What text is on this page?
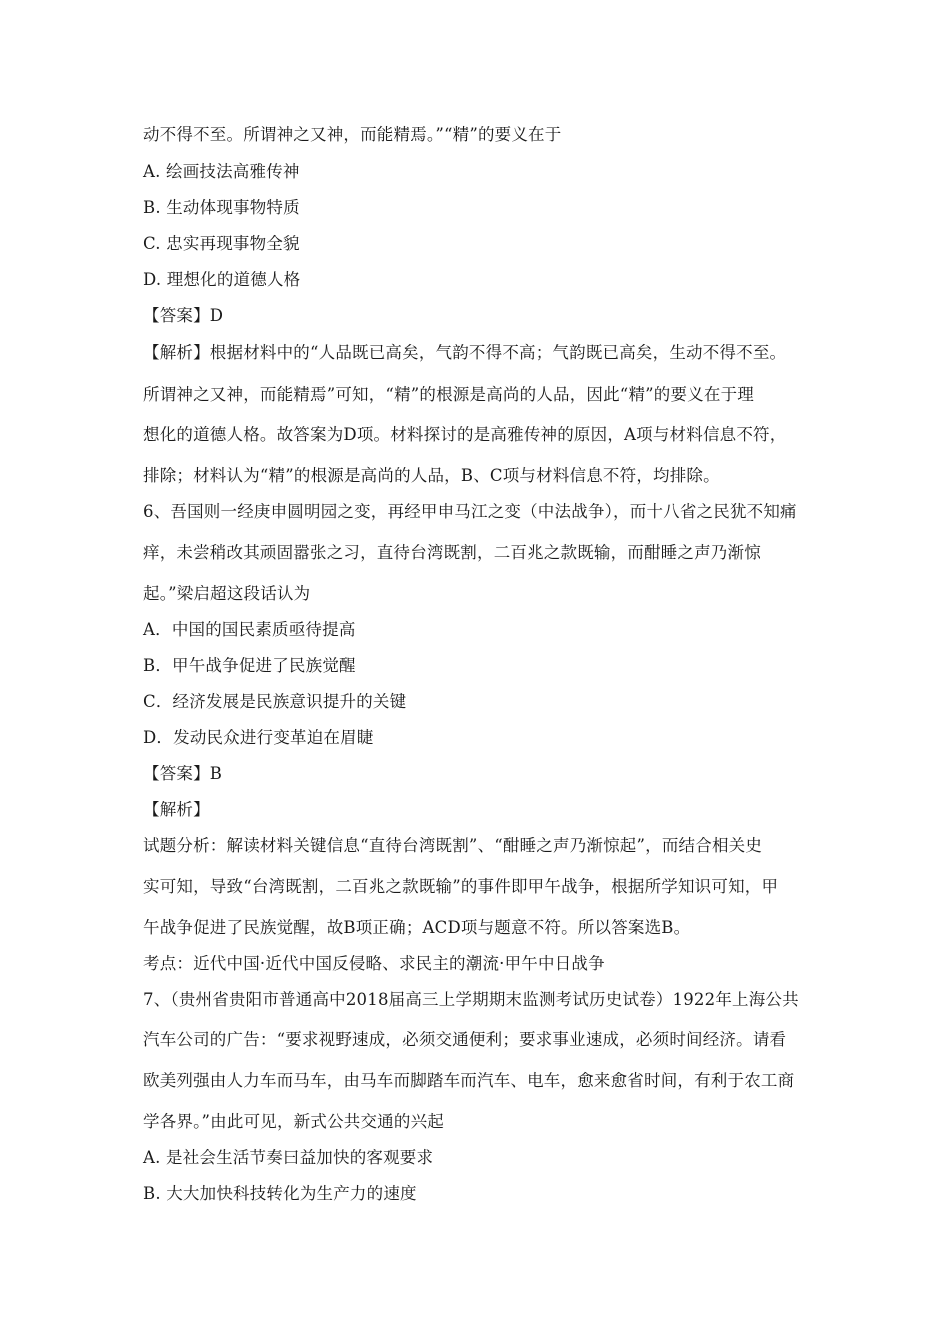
动不得不至。所谓神之又神，而能精焉。”“精”的要义在于
A. 绘画技法高雅传神
B. 生动体现事物特质
C. 忠实再现事物全貌
D. 理想化的道德人格
【答案】D
【解析】根据材料中的“人品既已高矣，气韵不得不高；气韵既已高矣，生动不得不至。
所谓神之又神，而能精焉”可知，“精”的根源是高尚的人品，因此“精”的要义在于理
想化的道德人格。故答案为D项。材料探讨的是高雅传神的原因，A项与材料信息不符，
排除；材料认为“精”的根源是高尚的人品，B、C项与材料信息不符，均排除。
6、吾国则一经庚申圆明园之变，再经甲申马江之变（中法战争），而十八省之民犹不知痛
痒，未尝稍改其顽固嚣张之习，直待台湾既割，二百兆之款既输，而酣睡之声乃渐惊
起。”梁启超这段话认为
A．中国的国民素质亟待提高
B．甲午战争促进了民族觉醒
C．经济发展是民族意识提升的关键
D．发动民众进行变革迫在眉睫
【答案】B
【解析】
试题分析：解读材料关键信息“直待台湾既割”、“酣睡之声乃渐惊起”，而结合相关史
实可知，导致“台湾既割，二百兆之款既输”的事件即甲午战争，根据所学知识可知，甲
午战争促进了民族觉醒，故B项正确；ACD项与题意不符。所以答案选B。
考点：近代中国·近代中国反侵略、求民主的潮流·甲午中日战争
7、（贵州省贵阳市普通高中2018届高三上学期期末监测考试历史试卷）1922年上海公共
汽车公司的广告：“要求视野速成，必须交通便利；要求事业速成，必须时间经济。请看
欧美列强由人力车而马车，由马车而脚踏车而汽车、电车，愈来愈省时间，有利于农工商
学各界。”由此可见，新式公共交通的兴起
A. 是社会生活节奏曰益加快的客观要求
B. 大大加快科技转化为生产力的速度
